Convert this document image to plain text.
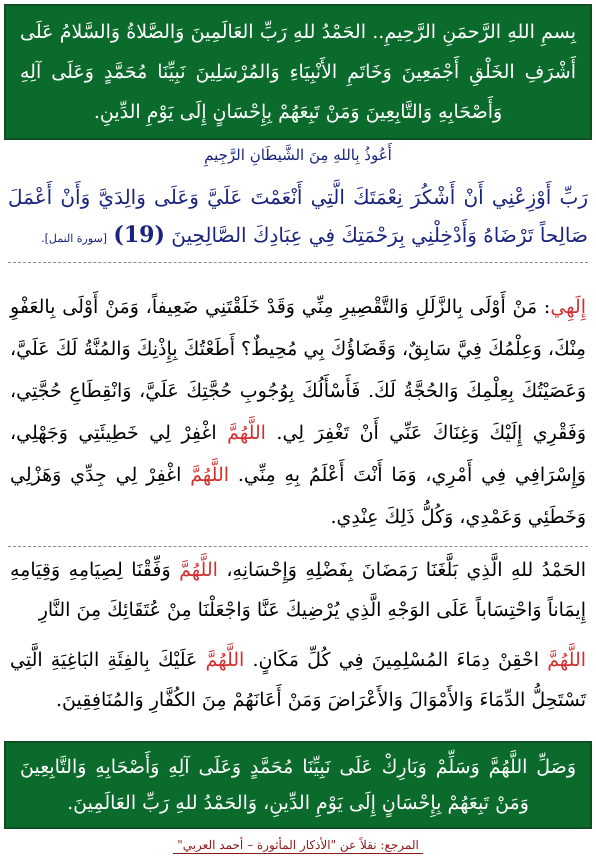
بِسمِ اللهِ الرَّحمَنِ الرَّحِيمِ.. الحَمْدُ للهِ رَبِّ العَالَمِينَ وَالصَّلاةُ وَالسَّلامُ عَلَى أَشْرَفِ الخَلْقِ أَجْمَعِينَ وَخَاتَمِ الأَنْبِيَاءِ وَالمُرْسَلِينَ نَبِيِّنَا مُحَمَّدٍ وَعَلَى آلِهِ وَأَصْحَابِهِ وَالتَّابِعِينَ وَمَنْ تَبِعَهُمْ بِإِحْسَانٍ إِلَى يَوْمِ الدِّينِ.
أَعُوذُ بِاللهِ مِنَ الشَّيطَانِ الرَّجِيمِ
رَبِّ أَوْزِعْنِي أَنْ أَشْكُرَ نِعْمَتَكَ الَّتِي أَنْعَمْتَ عَلَيَّ وَعَلَى وَالِدَيَّ وَأَنْ أَعْمَلَ صَالِحاً تَرْضَاهُ وَأَدْخِلْنِي بِرَحْمَتِكَ فِي عِبَادِكَ الصَّالِحِينَ (19) [سورة النمل].
إِلَهِي: مَنْ أَوْلَى بِالزَّلَلِ وَالتَّقْصِيرِ مِنِّي وَقَدْ خَلَقْتَنِي ضَعِيفاً، وَمَنْ أَوْلَى بِالعَفْوِ مِنْكَ، وَعِلْمُكَ فِيَّ سَابِقٌ، وَقَضَاؤُكَ بِي مُحِيطٌ؟ أَطَعْتُكَ بِإِذْنِكَ وَالمُنَّةُ لَكَ عَلَيَّ، وَعَصَيْتُكَ بِعِلْمِكَ وَالحُجَّةُ لَكَ. فَأَسْأَلُكَ بِوُجُوبِ حُجَّتِكَ عَلَيَّ، وَانْقِطَاعِ حُجَّتِي، وَفَقْرِي إِلَيْكَ وَغِنَاكَ عَنِّي أَنْ تَغْفِرَ لِي. اللَّهُمَّ اغْفِرْ لِي خَطِيئَتِي وَجَهْلِي، وَإِسْرَافِي فِي أَمْرِي، وَمَا أَنْتَ أَعْلَمُ بِهِ مِنِّي. اللَّهُمَّ اغْفِرْ لِي جِدِّي وَهَزْلِي وَخَطَئِي وَعَمْدِي، وَكُلُّ ذَلِكَ عِنْدِي.
الحَمْدُ للهِ الَّذِي بَلَّغَنَا رَمَضَانَ بِفَضْلِهِ وَإِحْسَانِهِ، اللَّهُمَّ وَفِّقْنَا لِصِيَامِهِ وَقِيَامِهِ إِيمَاناً وَاحْتِسَاباً عَلَى الوَجْهِ الَّذِي يُرْضِيكَ عَنَّا وَاجْعَلْنَا مِنْ عُتَقَائِكَ مِنَ النَّارِ
اللَّهُمَّ احْقِنْ دِمَاءَ المُسْلِمِينَ فِي كُلِّ مَكَانٍ. اللَّهُمَّ عَلَيْكَ بِالفِئَةِ البَاغِيَةِ الَّتِي تَسْتَحِلُّ الدِّمَاءَ وَالأَمْوَالَ وَالأَعْرَاضَ وَمَنْ أَعَانَهُمْ مِنَ الكُفَّارِ وَالمُنَافِقِينَ.
وَصَلِّ اللَّهُمَّ وَسَلِّمْ وَبَارِكْ عَلَى نَبِيِّنَا مُحَمَّدٍ وَعَلَى آلِهِ وَأَصْحَابِهِ وَالتَّابِعِينَ وَمَنْ تَبِعَهُمْ بِإِحْسَانٍ إِلَى يَوْمِ الدِّينِ، وَالحَمْدُ للهِ رَبِّ العَالَمِينَ.
المرجع: نقلاً عن "الأذكار المأثورة – أحمد العربي"
